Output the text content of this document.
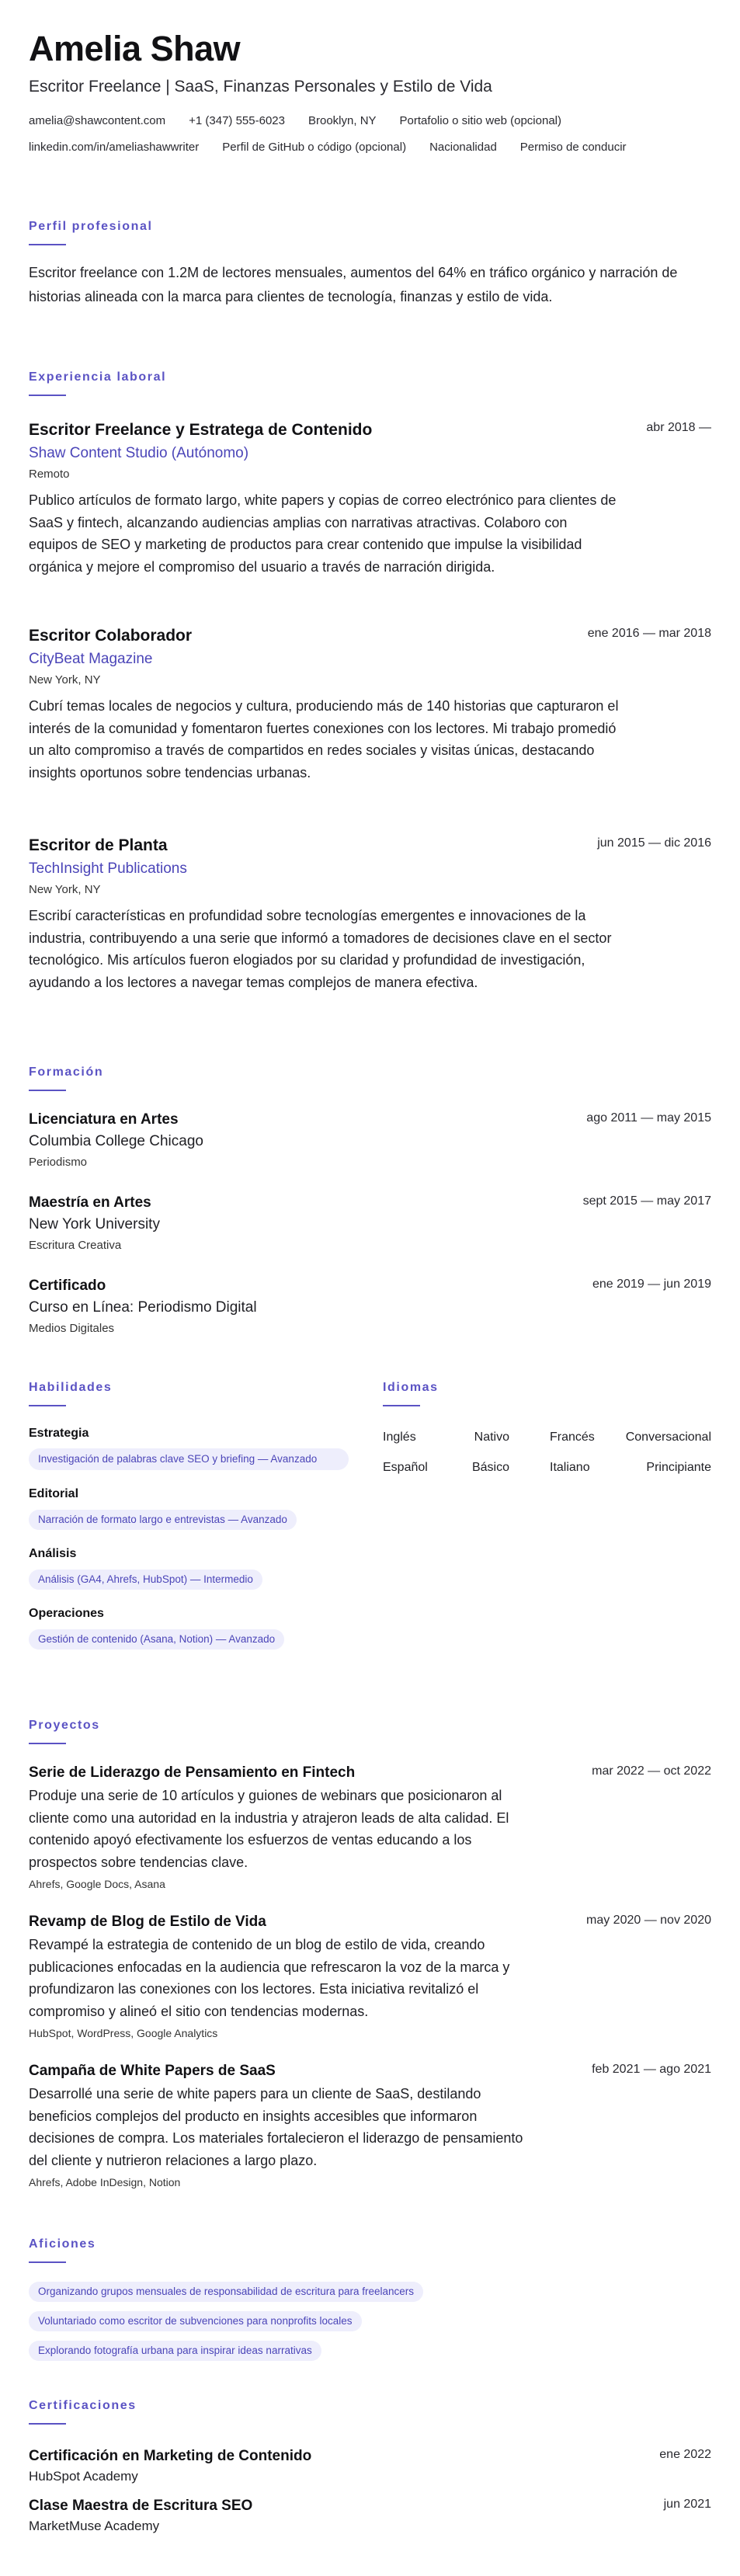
Amelia Shaw
Escritor Freelance | SaaS, Finanzas Personales y Estilo de Vida
amelia@shawcontent.com +1 (347) 555-6023 Brooklyn, NY Portafolio o sitio web (opcional)
linkedin.com/in/ameliashawwriter Perfil de GitHub o código (opcional) Nacionalidad Permiso de conducir
Perfil profesional
Escritor freelance con 1.2M de lectores mensuales, aumentos del 64% en tráfico orgánico y narración de historias alineada con la marca para clientes de tecnología, finanzas y estilo de vida.
Experiencia laboral
Escritor Freelance y Estratega de Contenido
Shaw Content Studio (Autónomo)
Remoto
Publico artículos de formato largo, white papers y copias de correo electrónico para clientes de SaaS y fintech, alcanzando audiencias amplias con narrativas atractivas. Colaboro con equipos de SEO y marketing de productos para crear contenido que impulse la visibilidad orgánica y mejore el compromiso del usuario a través de narración dirigida.
abr 2018 —
Escritor Colaborador
CityBeat Magazine
New York, NY
Cubrí temas locales de negocios y cultura, produciendo más de 140 historias que capturaron el interés de la comunidad y fomentaron fuertes conexiones con los lectores. Mi trabajo promedió un alto compromiso a través de compartidos en redes sociales y visitas únicas, destacando insights oportunos sobre tendencias urbanas.
ene 2016 — mar 2018
Escritor de Planta
TechInsight Publications
New York, NY
Escribí características en profundidad sobre tecnologías emergentes e innovaciones de la industria, contribuyendo a una serie que informó a tomadores de decisiones clave en el sector tecnológico. Mis artículos fueron elogiados por su claridad y profundidad de investigación, ayudando a los lectores a navegar temas complejos de manera efectiva.
jun 2015 — dic 2016
Formación
Licenciatura en Artes
Columbia College Chicago
Periodismo
ago 2011 — may 2015
Maestría en Artes
New York University
Escritura Creativa
sept 2015 — may 2017
Certificado
Curso en Línea: Periodismo Digital
Medios Digitales
ene 2019 — jun 2019
Habilidades
Estrategia
Investigación de palabras clave SEO y briefing — Avanzado
Editorial
Narración de formato largo e entrevistas — Avanzado
Análisis
Análisis (GA4, Ahrefs, HubSpot) — Intermedio
Operaciones
Gestión de contenido (Asana, Notion) — Avanzado
Idiomas
Inglés	Nativo	Francés Conversacional
Español	Básico	Italiano	Principiante
Proyectos
Serie de Liderazgo de Pensamiento en Fintech
Produje una serie de 10 artículos y guiones de webinars que posicionaron al cliente como una autoridad en la industria y atrajeron leads de alta calidad. El contenido apoyó efectivamente los esfuerzos de ventas educando a los prospectos sobre tendencias clave.
Ahrefs, Google Docs, Asana
mar 2022 — oct 2022
Revamp de Blog de Estilo de Vida
Revampé la estrategia de contenido de un blog de estilo de vida, creando publicaciones enfocadas en la audiencia que refrescaron la voz de la marca y profundizaron las conexiones con los lectores. Esta iniciativa revitalizó el compromiso y alineó el sitio con tendencias modernas.
HubSpot, WordPress, Google Analytics
may 2020 — nov 2020
Campaña de White Papers de SaaS
Desarrollé una serie de white papers para un cliente de SaaS, destilando beneficios complejos del producto en insights accesibles que informaron decisiones de compra. Los materiales fortalecieron el liderazgo de pensamiento del cliente y nutrieron relaciones a largo plazo.
Ahrefs, Adobe InDesign, Notion
feb 2021 — ago 2021
Aficiones
Organizando grupos mensuales de responsabilidad de escritura para freelancers
Voluntariado como escritor de subvenciones para nonprofits locales
Explorando fotografía urbana para inspirar ideas narrativas
Certificaciones
Certificación en Marketing de Contenido
HubSpot Academy
ene 2022
Clase Maestra de Escritura SEO
MarketMuse Academy
jun 2021
